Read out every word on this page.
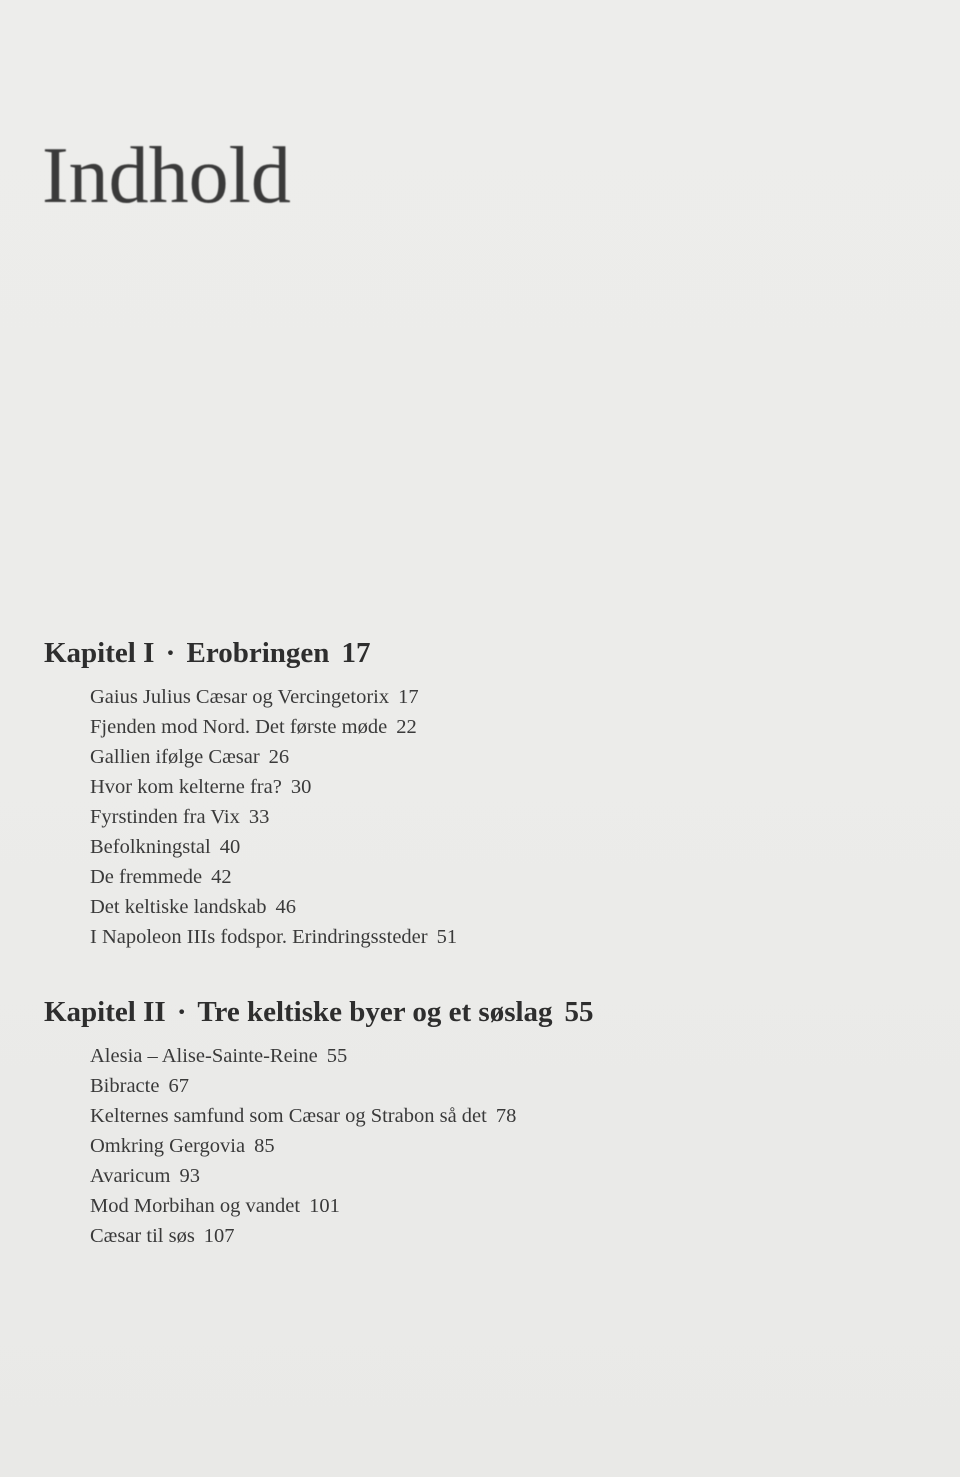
Indhold
Kapitel I · Erobringen 17
Gaius Julius Cæsar og Vercingetorix 17
Fjenden mod Nord. Det første møde 22
Gallien ifølge Cæsar 26
Hvor kom kelterne fra? 30
Fyrstinden fra Vix 33
Befolkningstal 40
De fremmede 42
Det keltiske landskab 46
I Napoleon IIIs fodspor. Erindringssteder 51
Kapitel II · Tre keltiske byer og et søslag 55
Alesia – Alise-Sainte-Reine 55
Bibracte 67
Kelternes samfund som Cæsar og Strabon så det 78
Omkring Gergovia 85
Avaricum 93
Mod Morbihan og vandet 101
Cæsar til søs 107
